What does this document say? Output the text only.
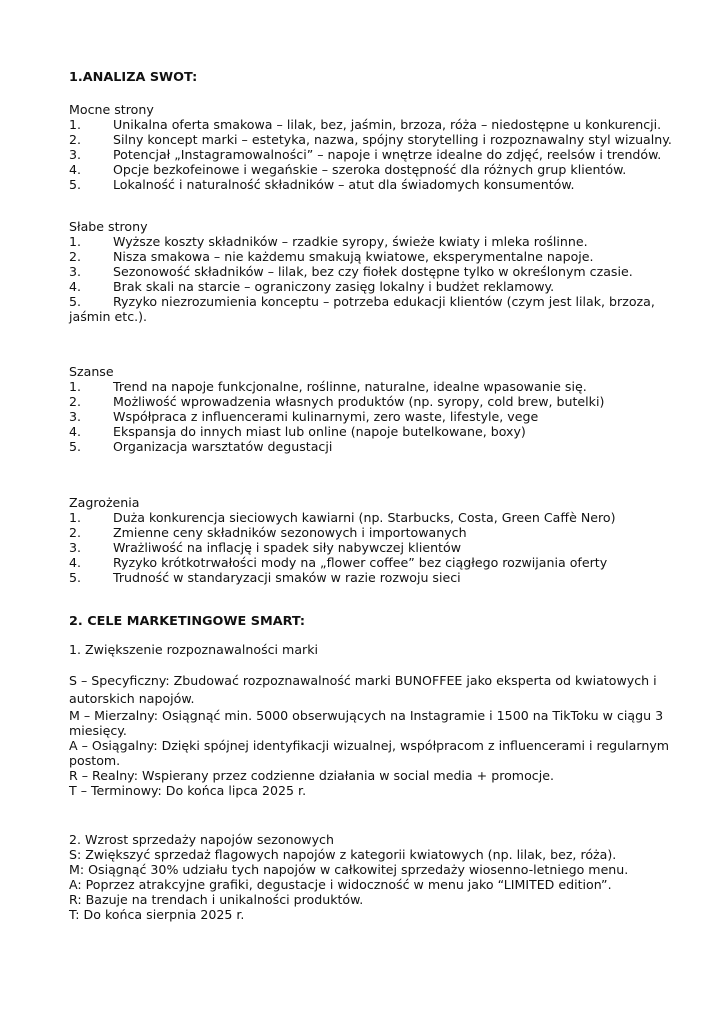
1.ANALIZA SWOT:
Mocne strony
1.	Unikalna oferta smakowa – lilak, bez, jaśmin, brzoza, róża – niedostępne u konkurencji.
2.	Silny koncept marki – estetyka, nazwa, spójny storytelling i rozpoznawalny styl wizualny.
3.	Potencjał „Instagramowalności” – napoje i wnętrze idealne do zdjęć, reelsów i trendów.
4.	Opcje bezkofeinowe i wegańskie – szeroka dostępność dla różnych grup klientów.
5.	Lokalność i naturalność składników – atut dla świadomych konsumentów.
Słabe strony
1.	Wyższe koszty składników – rzadkie syropy, świeże kwiaty i mleka roślinne.
2.	Nisza smakowa – nie każdemu smakują kwiatowe, eksperymentalne napoje.
3.	Sezonowość składników – lilak, bez czy fiołek dostępne tylko w określonym czasie.
4.	Brak skali na starcie – ograniczony zasięg lokalny i budżet reklamowy.
5.	Ryzyko niezrozumienia konceptu – potrzeba edukacji klientów (czym jest lilak, brzoza,
jaśmin etc.).
Szanse
1.	Trend na napoje funkcjonalne, roślinne, naturalne, idealne wpasowanie się.
2.	Możliwość wprowadzenia własnych produktów (np. syropy, cold brew, butelki)
3.	Współpraca z influencerami kulinarnymi, zero waste, lifestyle, vege
4.	Ekspansja do innych miast lub online (napoje butelkowane, boxy)
5.	Organizacja warsztatów degustacji
Zagrożenia
1.	Duża konkurencja sieciowych kawiarni (np. Starbucks, Costa, Green Caffè Nero)
2.	Zmienne ceny składników sezonowych i importowanych
3.	Wrażliwość na inflację i spadek siły nabywczej klientów
4.	Ryzyko krótkotrwałości mody na „flower coffee” bez ciągłego rozwijania oferty
5.	Trudność w standaryzacji smaków w razie rozwoju sieci
2. CELE MARKETINGOWE SMART:
1. Zwiększenie rozpoznawalności marki
S – Specyficzny: Zbudować rozpoznawalność marki BUNOFFEE jako eksperta od kwiatowych i
autorskich napojów.
M – Mierzalny: Osiągnąć min. 5000 obserwujących na Instagramie i 1500 na TikToku w ciągu 3
miesięcy.
A – Osiągalny: Dzięki spójnej identyfikacji wizualnej, współpracom z influencerami i regularnym
postom.
R – Realny: Wspierany przez codzienne działania w social media + promocje.
T – Terminowy: Do końca lipca 2025 r.
2. Wzrost sprzedaży napojów sezonowych
S: Zwiększyć sprzedaż flagowych napojów z kategorii kwiatowych (np. lilak, bez, róża).
M: Osiągnąć 30% udziału tych napojów w całkowitej sprzedaży wiosenno-letniego menu.
A: Poprzez atrakcyjne grafiki, degustacje i widoczność w menu jako “LIMITED edition”.
R: Bazuje na trendach i unikalności produktów.
T: Do końca sierpnia 2025 r.
